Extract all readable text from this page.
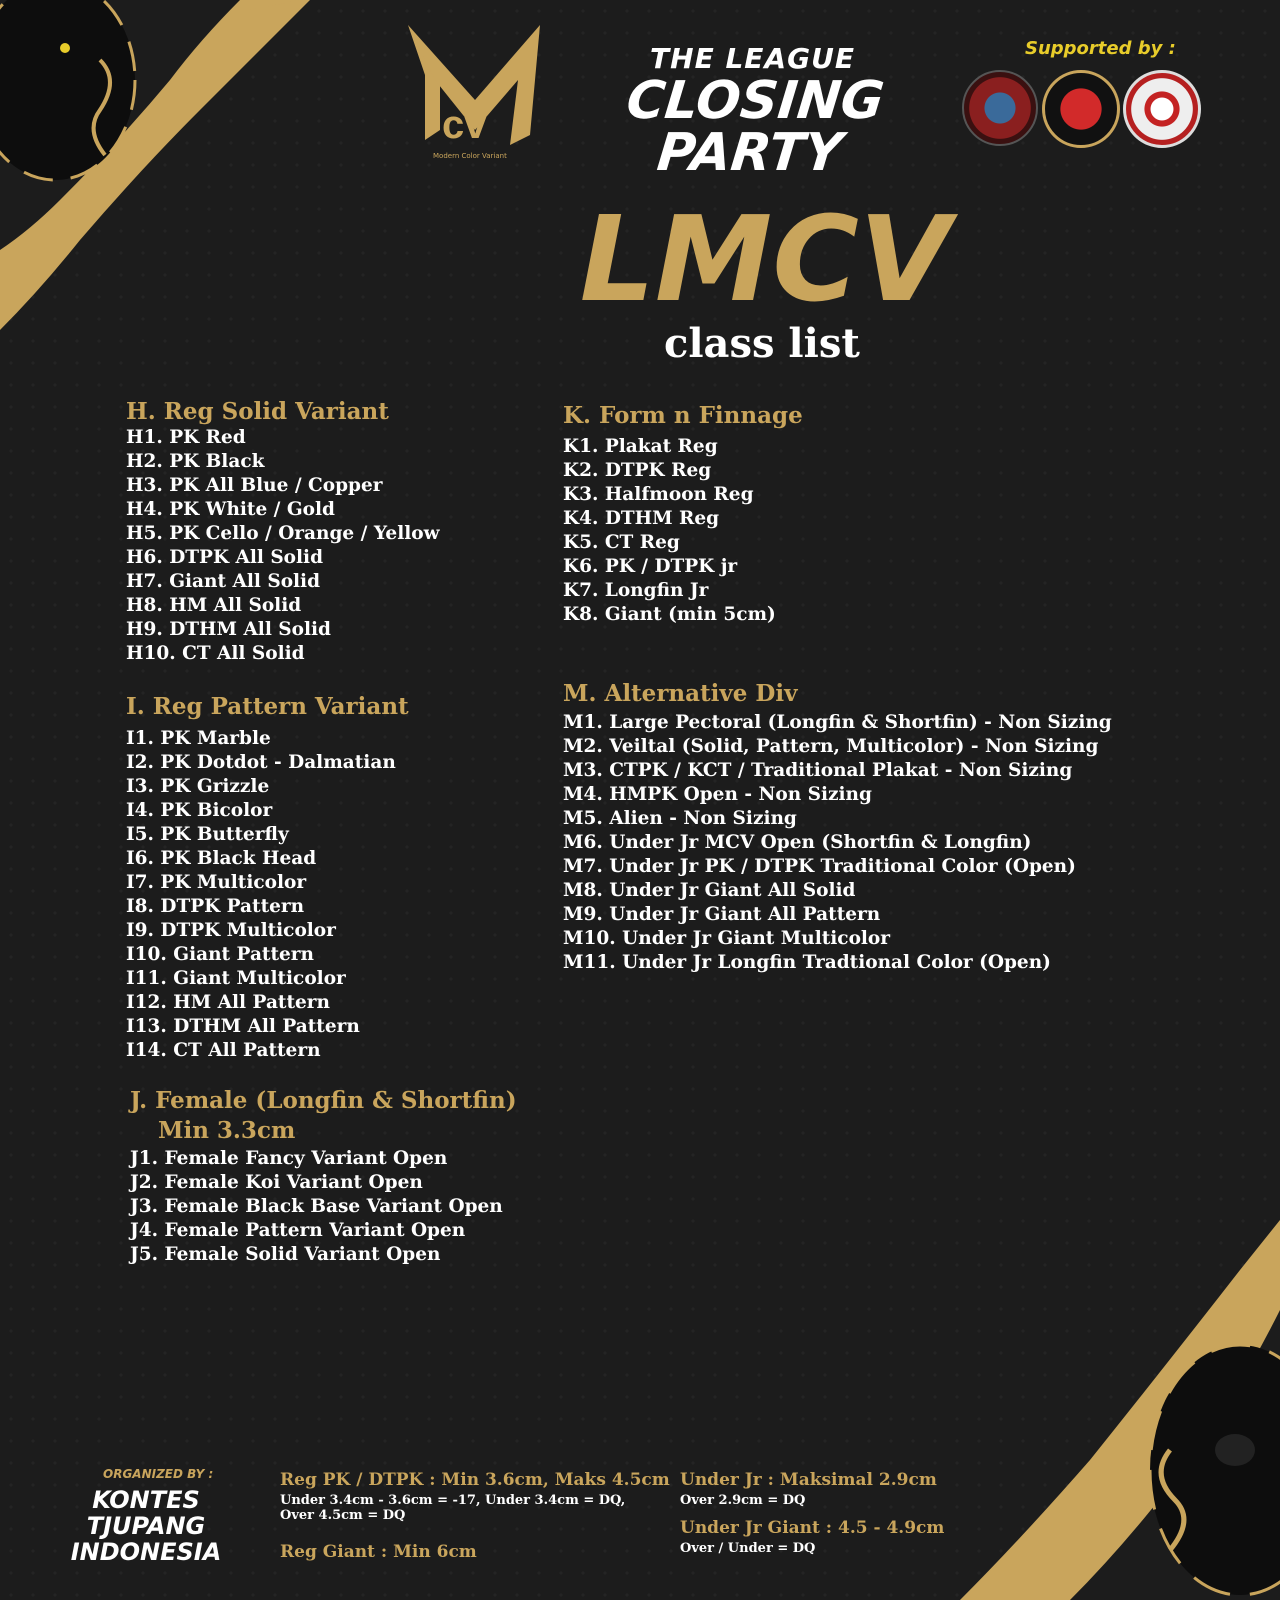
cv
Modern Color Variant
THE LEAGUE
CLOSING PARTY
Supported by :
LMCV
class list
H. Reg Solid Variant
H1. PK Red
H2. PK Black
H3. PK All Blue / Copper
H4. PK White / Gold
H5. PK Cello / Orange / Yellow
H6. DTPK All Solid
H7. Giant All Solid
H8. HM All Solid
H9. DTHM All Solid
H10. CT All Solid
I. Reg Pattern Variant
I1. PK Marble
I2. PK Dotdot - Dalmatian
I3. PK Grizzle
I4. PK Bicolor
I5. PK Butterfly
I6. PK Black Head
I7. PK Multicolor
I8. DTPK Pattern
I9. DTPK Multicolor
I10. Giant Pattern
I11. Giant Multicolor
I12. HM All Pattern
I13. DTHM All Pattern
I14. CT All Pattern
J. Female (Longfin & Shortfin)
Min 3.3cm
J1. Female Fancy Variant Open
J2. Female Koi Variant Open
J3. Female Black Base Variant Open
J4. Female Pattern Variant Open
J5. Female Solid Variant Open
K. Form n Finnage
K1. Plakat Reg
K2. DTPK Reg
K3. Halfmoon Reg
K4. DTHM Reg
K5. CT Reg
K6. PK / DTPK jr
K7. Longfin Jr
K8. Giant (min 5cm)
M. Alternative Div
M1. Large Pectoral (Longfin & Shortfin) - Non Sizing
M2. Veiltal (Solid, Pattern, Multicolor) - Non Sizing
M3. CTPK / KCT / Traditional Plakat - Non Sizing
M4. HMPK Open - Non Sizing
M5. Alien - Non Sizing
M6. Under Jr MCV Open (Shortfin & Longfin)
M7. Under Jr PK / DTPK Traditional Color (Open)
M8. Under Jr Giant All Solid
M9. Under Jr Giant All Pattern
M10. Under Jr Giant Multicolor
M11. Under Jr Longfin Tradtional Color (Open)
ORGANIZED BY :
KONTES
TJUPANG
INDONESIA
Reg PK / DTPK : Min 3.6cm, Maks 4.5cm
Under 3.4cm - 3.6cm = -17, Under 3.4cm = DQ,
Over 4.5cm = DQ
Reg Giant : Min 6cm
Under Jr : Maksimal 2.9cm
Over 2.9cm = DQ
Under Jr Giant : 4.5 - 4.9cm
Over / Under = DQ
